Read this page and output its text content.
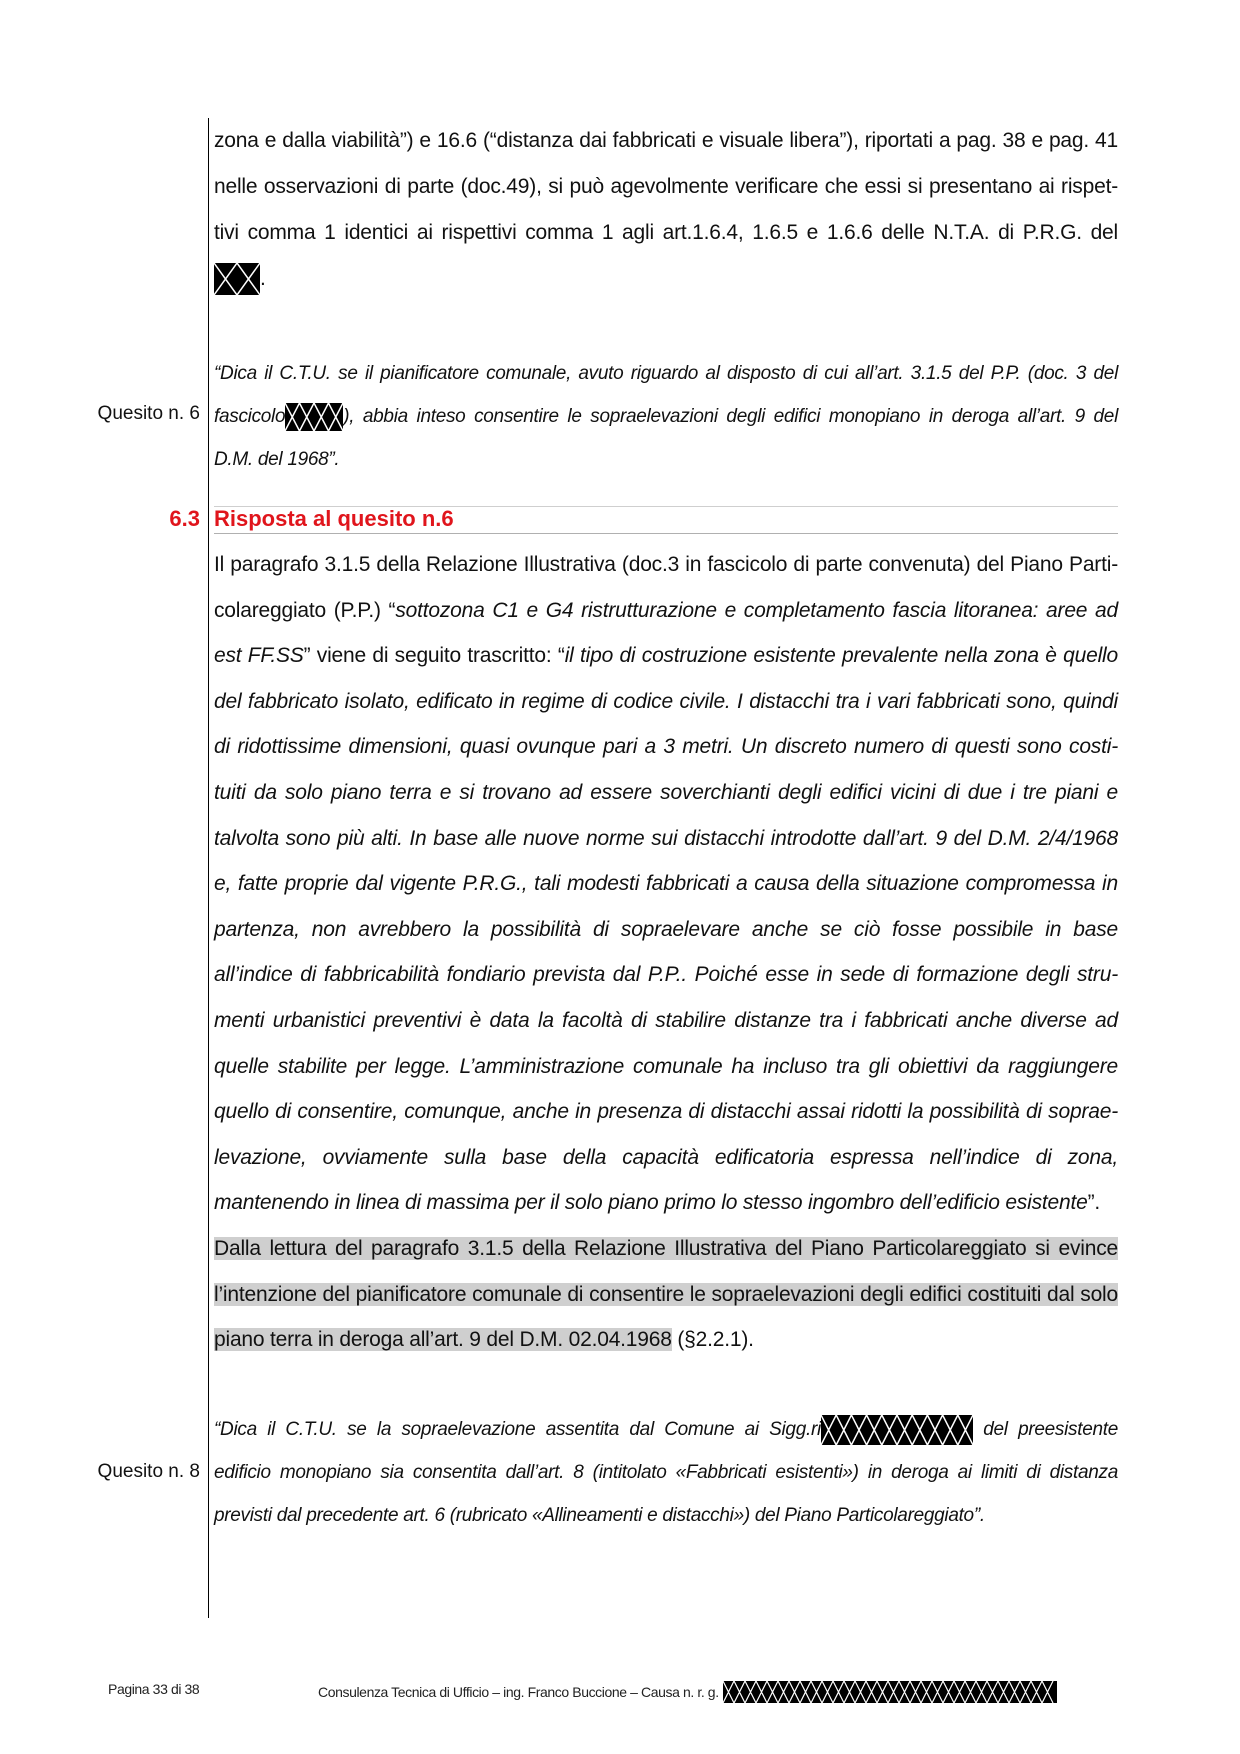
zona e dalla viabilità”) e 16.6 (“distanza dai fabbricati e visuale libera”), riportati a pag. 38 e pag. 41
nelle osservazioni di parte (doc.49), si può agevolmente verificare che essi si presentano ai rispet-
tivi comma 1 identici ai rispettivi comma 1 agli art.1.6.4, 1.6.5 e 1.6.6 delle N.T.A. di P.R.G. del
.
Quesito n. 6
“Dica il C.T.U. se il pianificatore comunale, avuto riguardo al disposto di cui all’art. 3.1.5 del P.P. (doc. 3 del
fascicolo	), abbia inteso consentire le sopraelevazioni degli edifici monopiano in deroga all’art. 9 del
D.M. del 1968”.
6.3 Risposta al quesito n.6
Il paragrafo 3.1.5 della Relazione Illustrativa (doc.3 in fascicolo di parte convenuta) del Piano Parti-colareggiato (P.P.) “sottozona C1 e G4 ristrutturazione e completamento fascia litoranea: aree ad est FF.SS” viene di seguito trascritto: “il tipo di costruzione esistente prevalente nella zona è quello del fabbricato isolato, edificato in regime di codice civile. I distacchi tra i vari fabbricati sono, quindi di ridottissime dimensioni, quasi ovunque pari a 3 metri. Un discreto numero di questi sono costi-tuiti da solo piano terra e si trovano ad essere soverchianti degli edifici vicini di due i tre piani e talvolta sono più alti. In base alle nuove norme sui distacchi introdotte dall’art. 9 del D.M. 2/4/1968 e, fatte proprie dal vigente P.R.G., tali modesti fabbricati a causa della situazione compromessa in partenza, non avrebbero la possibilità di sopraelevare anche se ciò fosse possibile in base all’indice di fabbricabilità fondiario prevista dal P.P.. Poiché esse in sede di formazione degli stru-menti urbanistici preventivi è data la facoltà di stabilire distanze tra i fabbricati anche diverse ad quelle stabilite per legge. L’amministrazione comunale ha incluso tra gli obiettivi da raggiungere quello di consentire, comunque, anche in presenza di distacchi assai ridotti la possibilità di soprae-levazione, ovviamente sulla base della capacità edificatoria espressa nell’indice di zona, mantenendo in linea di massima per il solo piano primo lo stesso ingombro dell’edificio esistente”.
Dalla lettura del paragrafo 3.1.5 della Relazione Illustrativa del Piano Particolareggiato si evince l’intenzione del pianificatore comunale di consentire le sopraelevazioni degli edifici costituiti dal solo piano terra in deroga all’art. 9 del D.M. 02.04.1968 (§2.2.1).
Quesito n. 8
“Dica il C.T.U. se la sopraelevazione assentita dal Comune ai Sigg.ri	del preesistente
edificio monopiano sia consentita dall’art. 8 (intitolato «Fabbricati esistenti») in deroga ai limiti di distanza
previsti dal precedente art. 6 (rubricato «Allineamenti e distacchi») del Piano Particolareggiato”.
Pagina 33 di 38	Consulenza Tecnica di Ufficio – ing. Franco Buccione – Causa n. r. g.
